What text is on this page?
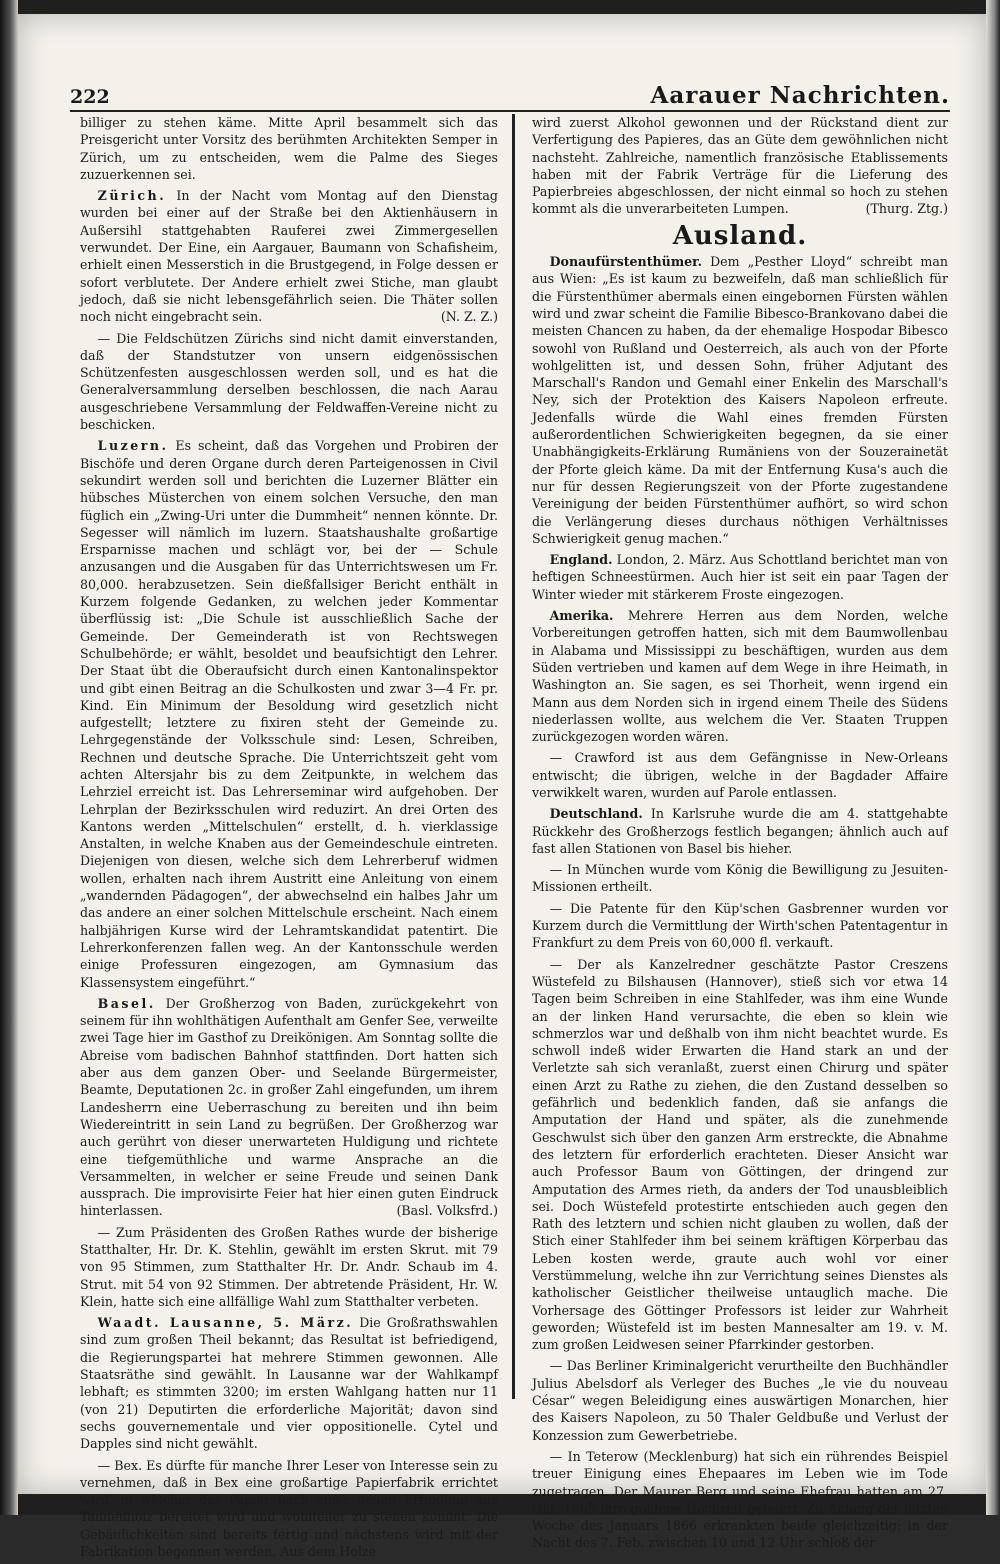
222	Aarauer Nachrichten.

billiger zu stehen käme. Mitte April besammelt sich das Preisgericht unter Vorsitz des berühmten Architekten Semper in Zürich, um zu entscheiden, wem die Palme des Sieges zuzuerkennen sei.

Zürich. In der Nacht vom Montag auf den Dienstag wurden bei einer auf der Straße bei den Aktienhäusern in Außersihl stattgehabten Rauferei zwei Zimmergesellen verwundet. Der Eine, ein Aargauer, Baumann von Schafisheim, erhielt einen Messerstich in die Brustgegend, in Folge dessen er sofort verblutete. Der Andere erhielt zwei Stiche, man glaubt jedoch, daß sie nicht lebensgefährlich seien. Die Thäter sollen noch nicht eingebracht sein.	(N. Z. Z.)

— Die Feldschützen Zürichs sind nicht damit einverstanden, daß der Standstutzer von unsern eidgenössischen Schützenfesten ausgeschlossen werden soll, und es hat die Generalversammlung derselben beschlossen, die nach Aarau ausgeschriebene Versammlung der Feldwaffen-Vereine nicht zu beschicken.

Luzern. Es scheint, daß das Vorgehen und Probiren der Bischöfe und deren Organe durch deren Parteigenossen in Civil sekundirt werden soll und berichten die Luzerner Blätter ein hübsches Müsterchen von einem solchen Versuche, den man füglich ein „Zwing-Uri unter die Dummheit“ nennen könnte. Dr. Segesser will nämlich im luzern. Staatshaushalte großartige Ersparnisse machen und schlägt vor, bei der — Schule anzusangen und die Ausgaben für das Unterrichtswesen um Fr. 80,000. herabzusetzen. Sein dießfallsiger Bericht enthält in Kurzem folgende Gedanken, zu welchen jeder Kommentar überflüssig ist: „Die Schule ist ausschließlich Sache der Gemeinde. Der Gemeinderath ist von Rechtswegen Schulbehörde; er wählt, besoldet und beaufsichtigt den Lehrer. Der Staat übt die Oberaufsicht durch einen Kantonalinspektor und gibt einen Beitrag an die Schulkosten und zwar 3—4 Fr. pr. Kind. Ein Minimum der Besoldung wird gesetzlich nicht aufgestellt; letztere zu fixiren steht der Gemeinde zu. Lehrgegenstände der Volksschule sind: Lesen, Schreiben, Rechnen und deutsche Sprache. Die Unterrichtszeit geht vom achten Altersjahr bis zu dem Zeitpunkte, in welchem das Lehrziel erreicht ist. Das Lehrerseminar wird aufgehoben. Der Lehrplan der Bezirksschulen wird reduzirt. An drei Orten des Kantons werden „Mittelschulen“ erstellt, d. h. vierklassige Anstalten, in welche Knaben aus der Gemeindeschule eintreten. Diejenigen von diesen, welche sich dem Lehrerberuf widmen wollen, erhalten nach ihrem Austritt eine Anleitung von einem „wandernden Pädagogen“, der abwechselnd ein halbes Jahr um das andere an einer solchen Mittelschule erscheint. Nach einem halbjährigen Kurse wird der Lehramtskandidat patentirt. Die Lehrerkonferenzen fallen weg. An der Kantonsschule werden einige Professuren eingezogen, am Gymnasium das Klassensystem eingeführt.“

Basel. Der Großherzog von Baden, zurückgekehrt von seinem für ihn wohlthätigen Aufenthalt am Genfer See, verweilte zwei Tage hier im Gasthof zu Dreikönigen. Am Sonntag sollte die Abreise vom badischen Bahnhof stattfinden. Dort hatten sich aber aus dem ganzen Ober- und Seelande Bürgermeister, Beamte, Deputationen 2c. in großer Zahl eingefunden, um ihrem Landesherrn eine Ueberraschung zu bereiten und ihn beim Wiedereintritt in sein Land zu begrüßen. Der Großherzog war auch gerührt von dieser unerwarteten Huldigung und richtete eine tiefgemüthliche und warme Ansprache an die Versammelten, in welcher er seine Freude und seinen Dank aussprach. Die improvisirte Feier hat hier einen guten Eindruck hinterlassen.	(Basl. Volksfrd.)

— Zum Präsidenten des Großen Rathes wurde der bisherige Statthalter, Hr. Dr. K. Stehlin, gewählt im ersten Skrut. mit 79 von 95 Stimmen, zum Statthalter Hr. Dr. Andr. Schaub im 4. Strut. mit 54 von 92 Stimmen. Der abtretende Präsident, Hr. W. Klein, hatte sich eine allfällige Wahl zum Statthalter verbeten.

Waadt. Lausanne, 5. März. Die Großrathswahlen sind zum großen Theil bekannt; das Resultat ist befriedigend, die Regierungspartei hat mehrere Stimmen gewonnen. Alle Staatsräthe sind gewählt. In Lausanne war der Wahlkampf lebhaft; es stimmten 3200; im ersten Wahlgang hatten nur 11 (von 21) Deputirten die erforderliche Majorität; davon sind sechs gouvernementale und vier oppositionelle. Cytel und Dapples sind nicht gewählt.

— Bex. Es dürfte für manche Ihrer Leser von Interesse sein zu vernehmen, daß in Bex eine großartige Papierfabrik errichtet wird, in welcher das Papier nach einer neuen Erfindung aus Tannenholz bereitet wird und wohlfeiler zu stehen kommt. Die Gebäulichkeiten sind bereits fertig und nächstens wird mit der Fabrikation begonnen werden. Aus dem Holze

wird zuerst Alkohol gewonnen und der Rückstand dient zur Verfertigung des Papieres, das an Güte dem gewöhnlichen nicht nachsteht. Zahlreiche, namentlich französische Etablissements haben mit der Fabrik Verträge für die Lieferung des Papierbreies abgeschlossen, der nicht einmal so hoch zu stehen kommt als die unverarbeiteten Lumpen.	(Thurg. Ztg.)

Ausland.

Donaufürstenthümer. Dem „Pesther Lloyd“ schreibt man aus Wien: „Es ist kaum zu bezweifeln, daß man schließlich für die Fürstenthümer abermals einen eingebornen Fürsten wählen wird und zwar scheint die Familie Bibesco-Brankovano dabei die meisten Chancen zu haben, da der ehemalige Hospodar Bibesco sowohl von Rußland und Oesterreich, als auch von der Pforte wohlgelitten ist, und dessen Sohn, früher Adjutant des Marschall's Randon und Gemahl einer Enkelin des Marschall's Ney, sich der Protektion des Kaisers Napoleon erfreute. Jedenfalls würde die Wahl eines fremden Fürsten außerordentlichen Schwierigkeiten begegnen, da sie einer Unabhängigkeits-Erklärung Rumäniens von der Souzerainetät der Pforte gleich käme. Da mit der Entfernung Kusa's auch die nur für dessen Regierungszeit von der Pforte zugestandene Vereinigung der beiden Fürstenthümer aufhört, so wird schon die Verlängerung dieses durchaus nöthigen Verhältnisses Schwierigkeit genug machen.“

England. London, 2. März. Aus Schottland berichtet man von heftigen Schneestürmen. Auch hier ist seit ein paar Tagen der Winter wieder mit stärkerem Froste eingezogen.

Amerika. Mehrere Herren aus dem Norden, welche Vorbereitungen getroffen hatten, sich mit dem Baumwollenbau in Alabama und Mississippi zu beschäftigen, wurden aus dem Süden vertrieben und kamen auf dem Wege in ihre Heimath, in Washington an. Sie sagen, es sei Thorheit, wenn irgend ein Mann aus dem Norden sich in irgend einem Theile des Südens niederlassen wollte, aus welchem die Ver. Staaten Truppen zurückgezogen worden wären.

— Crawford ist aus dem Gefängnisse in New-Orleans entwischt; die übrigen, welche in der Bagdader Affaire verwikkelt waren, wurden auf Parole entlassen.

Deutschland. In Karlsruhe wurde die am 4. stattgehabte Rückkehr des Großherzogs festlich begangen; ähnlich auch auf fast allen Stationen von Basel bis hieher.

— In München wurde vom König die Bewilligung zu Jesuiten-Missionen ertheilt.

— Die Patente für den Küp'schen Gasbrenner wurden vor Kurzem durch die Vermittlung der Wirth'schen Patentagentur in Frankfurt zu dem Preis von 60,000 fl. verkauft.

— Der als Kanzelredner geschätzte Pastor Creszens Wüstefeld zu Bilshausen (Hannover), stieß sich vor etwa 14 Tagen beim Schreiben in eine Stahlfeder, was ihm eine Wunde an der linken Hand verursachte, die eben so klein wie schmerzlos war und deßhalb von ihm nicht beachtet wurde. Es schwoll indeß wider Erwarten die Hand stark an und der Verletzte sah sich veranlaßt, zuerst einen Chirurg und später einen Arzt zu Rathe zu ziehen, die den Zustand desselben so gefährlich und bedenklich fanden, daß sie anfangs die Amputation der Hand und später, als die zunehmende Geschwulst sich über den ganzen Arm erstreckte, die Abnahme des letztern für erforderlich erachteten. Dieser Ansicht war auch Professor Baum von Göttingen, der dringend zur Amputation des Armes rieth, da anders der Tod unausbleiblich sei. Doch Wüstefeld protestirte entschieden auch gegen den Rath des letztern und schien nicht glauben zu wollen, daß der Stich einer Stahlfeder ihm bei seinem kräftigen Körperbau das Leben kosten werde, graute auch wohl vor einer Verstümmelung, welche ihn zur Verrichtung seines Dienstes als katholischer Geistlicher theilweise untauglich mache. Die Vorhersage des Göttinger Professors ist leider zur Wahrheit geworden; Wüstefeld ist im besten Mannesalter am 19. v. M. zum großen Leidwesen seiner Pfarrkinder gestorben.

— Das Berliner Kriminalgericht verurtheilte den Buchhändler Julius Abelsdorf als Verleger des Buches „le vie du nouveau César“ wegen Beleidigung eines auswärtigen Monarchen, hier des Kaisers Napoleon, zu 50 Thaler Geldbuße und Verlust der Konzession zum Gewerbetriebe.

— In Teterow (Mecklenburg) hat sich ein rührendes Beispiel treuer Einigung eines Ehepaares im Leben wie im Tode zugetragen. Der Maurer Berg und seine Ehefrau hatten am 27. Okt. 1865 ihre goldene Hochzeit gefeiert. Zu Anfang der letzten Woche des Januars 1866 erkrankten beide gleichzeitig; in der Nacht des 7. Feb. zwischen 10 und 12 Uhr schloß der
